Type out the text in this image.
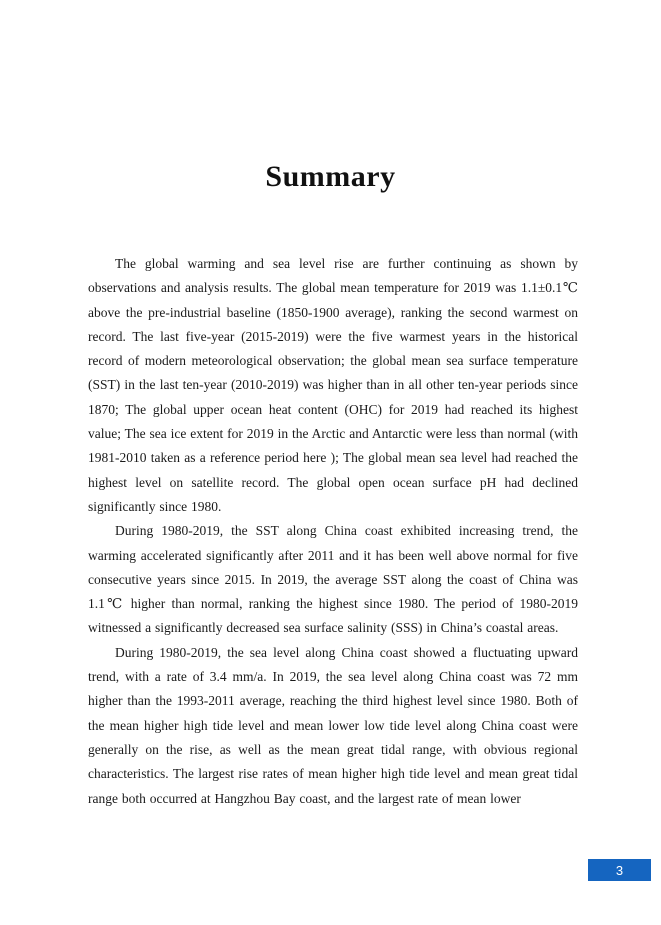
Summary

The global warming and sea level rise are further continuing as shown by observations and analysis results. The global mean temperature for 2019 was 1.1±0.1℃ above the pre-industrial baseline (1850-1900 average), ranking the second warmest on record. The last five-year (2015-2019) were the five warmest years in the historical record of modern meteorological observation; the global mean sea surface temperature (SST) in the last ten-year (2010-2019) was higher than in all other ten-year periods since 1870; The global upper ocean heat content (OHC) for 2019 had reached its highest value; The sea ice extent for 2019 in the Arctic and Antarctic were less than normal (with 1981-2010 taken as a reference period here ); The global mean sea level had reached the highest level on satellite record. The global open ocean surface pH had declined significantly since 1980.

During 1980-2019, the SST along China coast exhibited increasing trend, the warming accelerated significantly after 2011 and it has been well above normal for five consecutive years since 2015. In 2019, the average SST along the coast of China was 1.1℃ higher than normal, ranking the highest since 1980. The period of 1980-2019 witnessed a significantly decreased sea surface salinity (SSS) in China’s coastal areas.

During 1980-2019, the sea level along China coast showed a fluctuating upward trend, with a rate of 3.4 mm/a. In 2019, the sea level along China coast was 72 mm higher than the 1993-2011 average, reaching the third highest level since 1980. Both of the mean higher high tide level and mean lower low tide level along China coast were generally on the rise, as well as the mean great tidal range, with obvious regional characteristics. The largest rise rates of mean higher high tide level and mean great tidal range both occurred at Hangzhou Bay coast, and the largest rate of mean lower

3
